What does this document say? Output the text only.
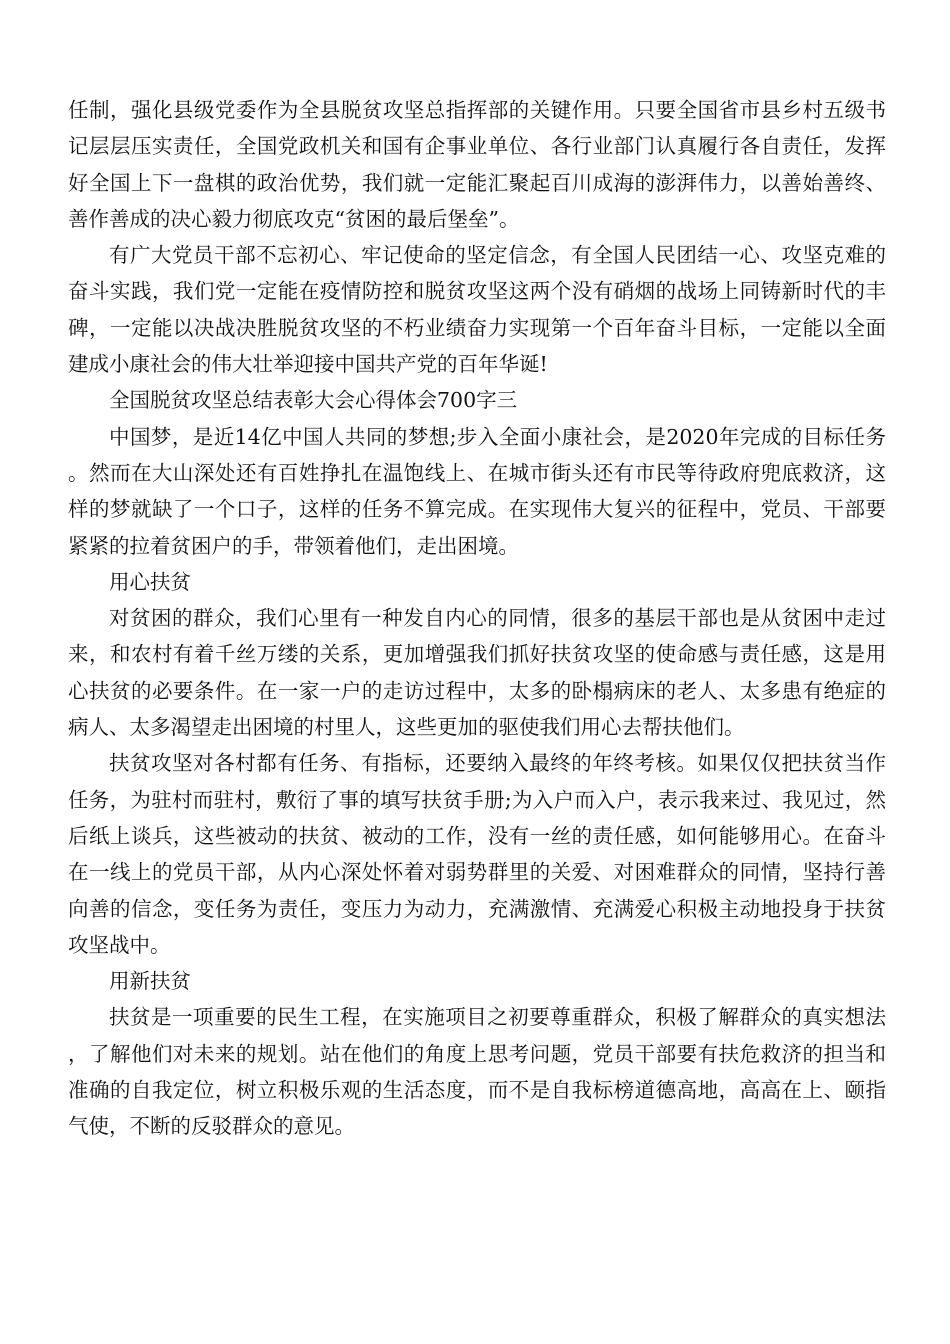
任制，强化县级党委作为全县脱贫攻坚总指挥部的关键作用。只要全国省市县乡村五级书记层层压实责任，全国党政机关和国有企事业单位、各行业部门认真履行各自责任，发挥好全国上下一盘棋的政治优势，我们就一定能汇聚起百川成海的澎湃伟力，以善始善终、善作善成的决心毅力彻底攻克“贫困的最后堡垒”。

有广大党员干部不忘初心、牢记使命的坚定信念，有全国人民团结一心、攻坚克难的奋斗实践，我们党一定能在疫情防控和脱贫攻坚这两个没有硝烟的战场上同铸新时代的丰碑，一定能以决战决胜脱贫攻坚的不朽业绩奋力实现第一个百年奋斗目标，一定能以全面建成小康社会的伟大壮举迎接中国共产党的百年华诞!

全国脱贫攻坚总结表彰大会心得体会700字三

中国梦，是近14亿中国人共同的梦想;步入全面小康社会，是2020年完成的目标任务。然而在大山深处还有百姓挣扎在温饱线上、在城市街头还有市民等待政府兜底救济，这样的梦就缺了一个口子，这样的任务不算完成。在实现伟大复兴的征程中，党员、干部要紧紧的拉着贫困户的手，带领着他们，走出困境。

用心扶贫

对贫困的群众，我们心里有一种发自内心的同情，很多的基层干部也是从贫困中走过来，和农村有着千丝万缕的关系，更加增强我们抓好扶贫攻坚的使命感与责任感，这是用心扶贫的必要条件。在一家一户的走访过程中，太多的卧榻病床的老人、太多患有绝症的病人、太多渴望走出困境的村里人，这些更加的驱使我们用心去帮扶他们。

扶贫攻坚对各村都有任务、有指标，还要纳入最终的年终考核。如果仅仅把扶贫当作任务，为驻村而驻村，敷衍了事的填写扶贫手册;为入户而入户，表示我来过、我见过，然后纸上谈兵，这些被动的扶贫、被动的工作，没有一丝的责任感，如何能够用心。在奋斗在一线上的党员干部，从内心深处怀着对弱势群里的关爱、对困难群众的同情，坚持行善向善的信念，变任务为责任，变压力为动力，充满激情、充满爱心积极主动地投身于扶贫攻坚战中。

用新扶贫

扶贫是一项重要的民生工程，在实施项目之初要尊重群众，积极了解群众的真实想法，了解他们对未来的规划。站在他们的角度上思考问题，党员干部要有扶危救济的担当和准确的自我定位，树立积极乐观的生活态度，而不是自我标榜道德高地，高高在上、颐指气使，不断的反驳群众的意见。
